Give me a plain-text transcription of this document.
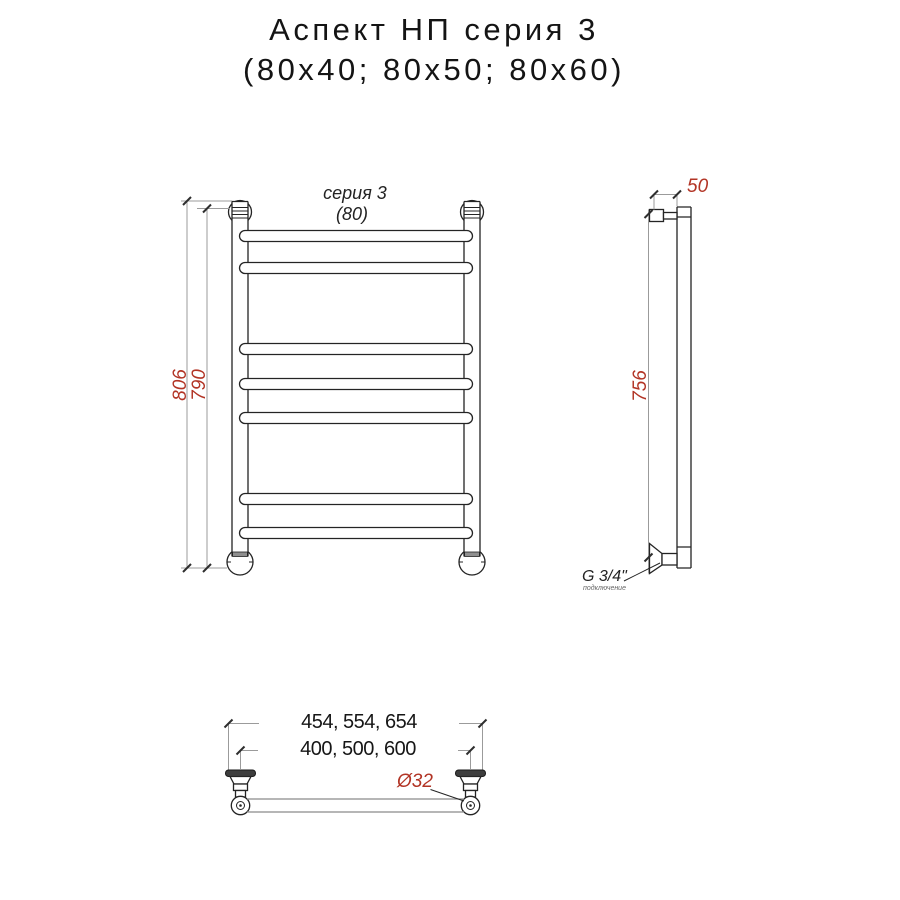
Аспект НП серия 3
(80x40; 80x50; 80x60)
серия 3
(80)
806
790
50
756
G 3/4"
подключение
454, 554, 654
400, 500, 600
Ø32
